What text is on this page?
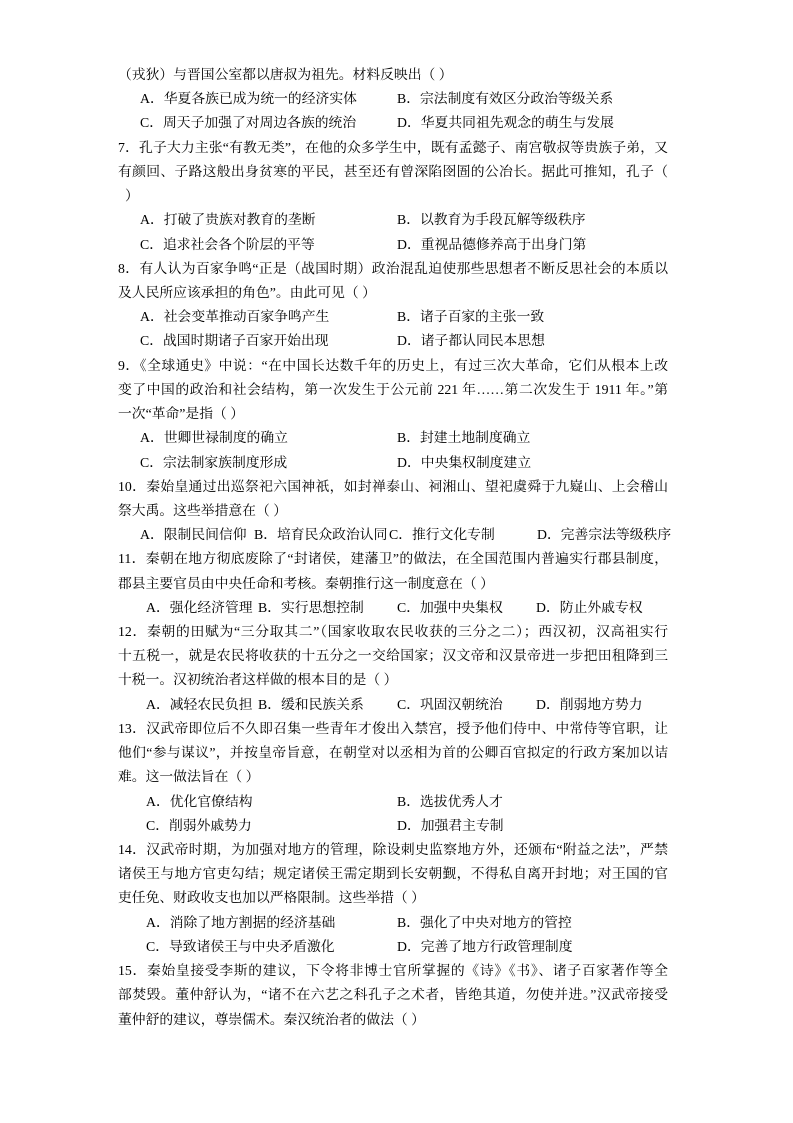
（戎狄）与晋国公室都以唐叔为祖先。材料反映出（ ）
A．华夏各族已成为统一的经济实体	B．宗法制度有效区分政治等级关系
C．周天子加强了对周边各族的统治	D．华夏共同祖先观念的萌生与发展
7．孔子大力主张“有教无类”，在他的众多学生中，既有孟懿子、南宫敬叔等贵族子弟，又
有颜回、子路这般出身贫寒的平民，甚至还有曾深陷囹圄的公冶长。据此可推知，孔子（
）
A．打破了贵族对教育的垄断	B．以教育为手段瓦解等级秩序
C．追求社会各个阶层的平等	D．重视品德修养高于出身门第
8．有人认为百家争鸣“正是（战国时期）政治混乱迫使那些思想者不断反思社会的本质以
及人民所应该承担的角色”。由此可见（ ）
A．社会变革推动百家争鸣产生	B．诸子百家的主张一致
C．战国时期诸子百家开始出现	D．诸子都认同民本思想
9．《全球通史》中说：“在中国长达数千年的历史上，有过三次大革命，它们从根本上改
变了中国的政治和社会结构，第一次发生于公元前 221 年……第二次发生于 1911 年。”第
一次“革命”是指（ ）
A．世卿世禄制度的确立	B．封建土地制度确立
C．宗法制家族制度形成	D．中央集权制度建立
10．秦始皇通过出巡祭祀六国神祇，如封禅泰山、祠湘山、望祀虞舜于九嶷山、上会稽山
祭大禹。这些举措意在（ ）
A．限制民间信仰 B．培育民众政治认同 C．推行文化专制	D．完善宗法等级秩序
11．秦朝在地方彻底废除了“封诸侯，建藩卫”的做法，在全国范围内普遍实行郡县制度，
郡县主要官员由中央任命和考核。秦朝推行这一制度意在（ ）
A．强化经济管理 B．实行思想控制 C．加强中央集权 D．防止外戚专权
12．秦朝的田赋为“三分取其二”（国家收取农民收获的三分之二）；西汉初，汉高祖实行
十五税一，就是农民将收获的十五分之一交给国家；汉文帝和汉景帝进一步把田租降到三
十税一。汉初统治者这样做的根本目的是（ ）
A．减轻农民负担 B．缓和民族关系 C．巩固汉朝统治 D．削弱地方势力
13．汉武帝即位后不久即召集一些青年才俊出入禁宫，授予他们侍中、中常侍等官职，让
他们“参与谋议”，并按皇帝旨意，在朝堂对以丞相为首的公卿百官拟定的行政方案加以诘
难。这一做法旨在（ ）
A．优化官僚结构	B．选拔优秀人才
C．削弱外戚势力	D．加强君主专制
14．汉武帝时期，为加强对地方的管理，除设刺史监察地方外，还颁布“附益之法”，严禁
诸侯王与地方官吏勾结；规定诸侯王需定期到长安朝觐，不得私自离开封地；对王国的官
吏任免、财政收支也加以严格限制。这些举措（ ）
A．消除了地方割据的经济基础	B．强化了中央对地方的管控
C．导致诸侯王与中央矛盾激化	D．完善了地方行政管理制度
15．秦始皇接受李斯的建议，下令将非博士官所掌握的《诗》《书》、诸子百家著作等全
部焚毁。董仲舒认为，“诸不在六艺之科孔子之术者，皆绝其道，勿使并进。”汉武帝接受
董仲舒的建议，尊崇儒术。秦汉统治者的做法（ ）
